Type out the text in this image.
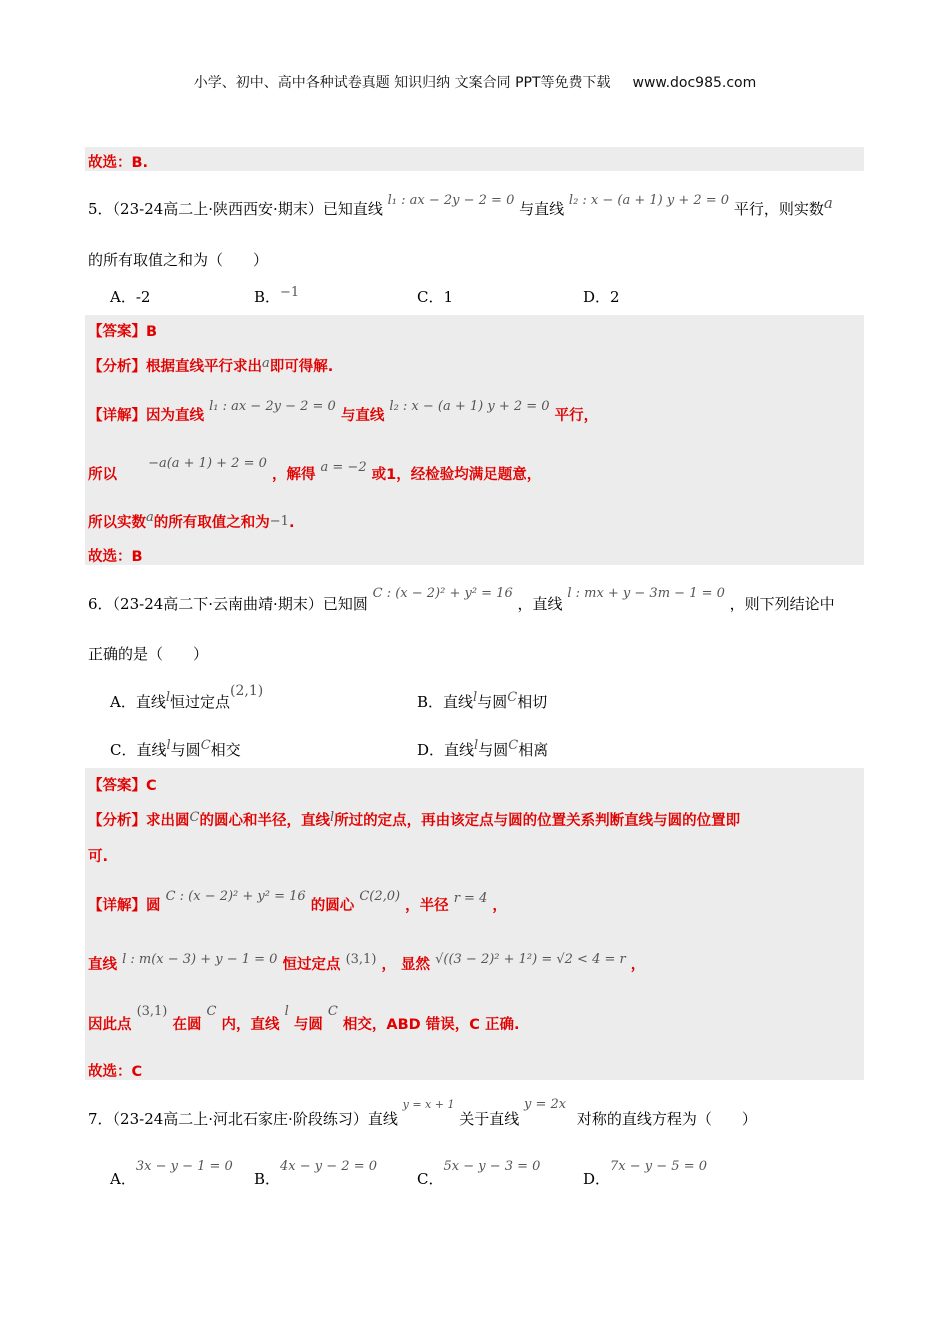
小学、初中、高中各种试卷真题 知识归纳 文案合同 PPT等免费下载 www.doc985.com
故选：B.
5．（23-24高二上·陕西西安·期末）已知直线 l₁ : ax − 2y − 2 = 0 与直线 l₂ : x − (a + 1) y + 2 = 0 平行，则实数a
的所有取值之和为（　　）
A．-2	B．−1	C．1	D．2
【答案】B
【分析】根据直线平行求出a即可得解.
【详解】因为直线 l₁ : ax − 2y − 2 = 0 与直线 l₂ : x − (a + 1) y + 2 = 0 平行，
所以 −a(a + 1) + 2 = 0 ，解得 a = −2 或1，经检验均满足题意，
所以实数a的所有取值之和为−1.
故选：B
6．（23-24高二下·云南曲靖·期末）已知圆 C : (x − 2)² + y² = 16 ，直线 l : mx + y − 3m − 1 = 0 ，则下列结论中
正确的是（　　）
A．直线l恒过定点(2,1)
B．直线l与圆C相切
C．直线l与圆C相交	D．直线l与圆C相离
【答案】C
【分析】求出圆C的圆心和半径，直线l所过的定点，再由该定点与圆的位置关系判断直线与圆的位置即
可.
【详解】圆 C : (x − 2)² + y² = 16 的圆心 C(2,0) ，半径 r = 4 ，
直线 l : m(x − 3) + y − 1 = 0 恒过定点 (3,1) ， 显然 √((3 − 2)² + 1²) = √2 < 4 = r ，
因此点 (3,1) 在圆 C 内，直线 l 与圆 C 相交，ABD 错误，C 正确.
故选：C
7．（23-24高二上·河北石家庄·阶段练习）直线 $^{y = x + 1}$ 关于直线 y = 2x 对称的直线方程为（　　）
A．3x − y − 1 = 0
B．4x − y − 2 = 0
C．5x − y − 3 = 0
D．7x − y − 5 = 0
